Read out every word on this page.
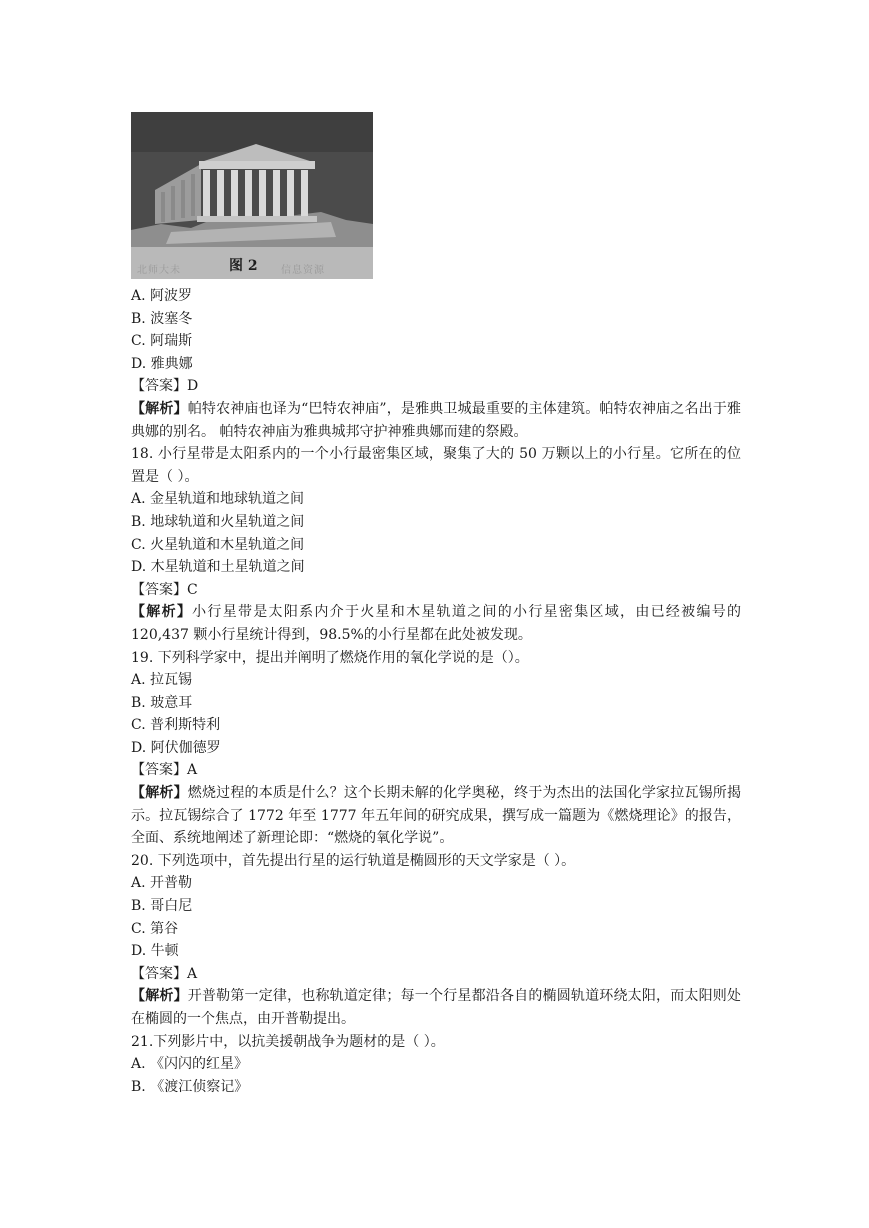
北师大未	图 2 信息资源
A. 阿波罗
B. 波塞冬
C. 阿瑞斯
D. 雅典娜
【答案】D
【解析】帕特农神庙也译为“巴特农神庙”，是雅典卫城最重要的主体建筑。帕特农神庙之名出于雅典娜的别名。 帕特农神庙为雅典城邦守护神雅典娜而建的祭殿。
18. 小行星带是太阳系内的一个小行最密集区域，聚集了大的 50 万颗以上的小行星。它所在的位置是（ ）。
A. 金星轨道和地球轨道之间
B. 地球轨道和火星轨道之间
C. 火星轨道和木星轨道之间
D. 木星轨道和土星轨道之间
【答案】C
【解析】小行星带是太阳系内介于火星和木星轨道之间的小行星密集区域，由已经被编号的 120,437 颗小行星统计得到，98.5%的小行星都在此处被发现。
19. 下列科学家中，提出并阐明了燃烧作用的氧化学说的是（）。
A. 拉瓦锡
B. 玻意耳
C. 普利斯特利
D. 阿伏伽德罗
【答案】A
【解析】燃烧过程的本质是什么？这个长期未解的化学奥秘，终于为杰出的法国化学家拉瓦锡所揭示。拉瓦锡综合了 1772 年至 1777 年五年间的研究成果，撰写成一篇题为《燃烧理论》的报告，全面、系统地阐述了新理论即：“燃烧的氧化学说”。
20. 下列选项中，首先提出行星的运行轨道是椭圆形的天文学家是（ ）。
A. 开普勒
B. 哥白尼
C. 第谷
D. 牛顿
【答案】A
【解析】开普勒第一定律，也称轨道定律；每一个行星都沿各自的椭圆轨道环绕太阳，而太阳则处在椭圆的一个焦点，由开普勒提出。
21.下列影片中，以抗美援朝战争为题材的是（ ）。
A. 《闪闪的红星》
B. 《渡江侦察记》
